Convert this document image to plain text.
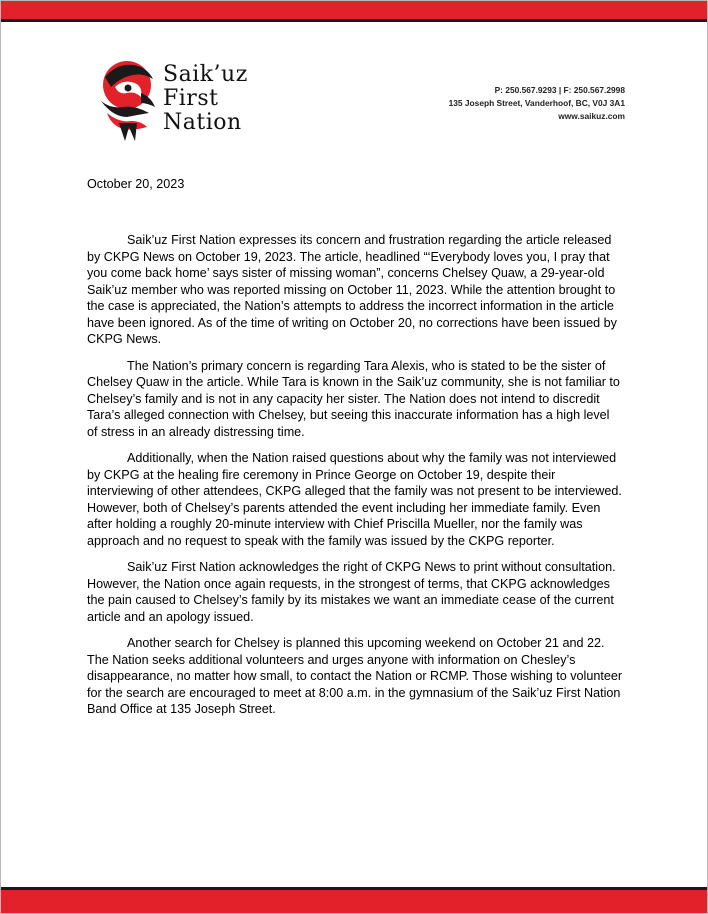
Saik’uz
First
Nation
P: 250.567.9293 | F: 250.567.2998
135 Joseph Street, Vanderhoof, BC, V0J 3A1
www.saikuz.com
October 20, 2023

Saik’uz First Nation expresses its concern and frustration regarding the article released by CKPG News on October 19, 2023. The article, headlined “‘Everybody loves you, I pray that you come back home’ says sister of missing woman”, concerns Chelsey Quaw, a 29-year-old Saik’uz member who was reported missing on October 11, 2023. While the attention brought to the case is appreciated, the Nation’s attempts to address the incorrect information in the article have been ignored. As of the time of writing on October 20, no corrections have been issued by CKPG News.

The Nation’s primary concern is regarding Tara Alexis, who is stated to be the sister of Chelsey Quaw in the article. While Tara is known in the Saik’uz community, she is not familiar to Chelsey’s family and is not in any capacity her sister. The Nation does not intend to discredit Tara’s alleged connection with Chelsey, but seeing this inaccurate information has a high level of stress in an already distressing time.

Additionally, when the Nation raised questions about why the family was not interviewed by CKPG at the healing fire ceremony in Prince George on October 19, despite their interviewing of other attendees, CKPG alleged that the family was not present to be interviewed. However, both of Chelsey’s parents attended the event including her immediate family. Even after holding a roughly 20-minute interview with Chief Priscilla Mueller, nor the family was approach and no request to speak with the family was issued by the CKPG reporter.

Saik’uz First Nation acknowledges the right of CKPG News to print without consultation. However, the Nation once again requests, in the strongest of terms, that CKPG acknowledges the pain caused to Chelsey’s family by its mistakes we want an immediate cease of the current article and an apology issued.

Another search for Chelsey is planned this upcoming weekend on October 21 and 22. The Nation seeks additional volunteers and urges anyone with information on Chesley’s disappearance, no matter how small, to contact the Nation or RCMP. Those wishing to volunteer for the search are encouraged to meet at 8:00 a.m. in the gymnasium of the Saik’uz First Nation Band Office at 135 Joseph Street.
